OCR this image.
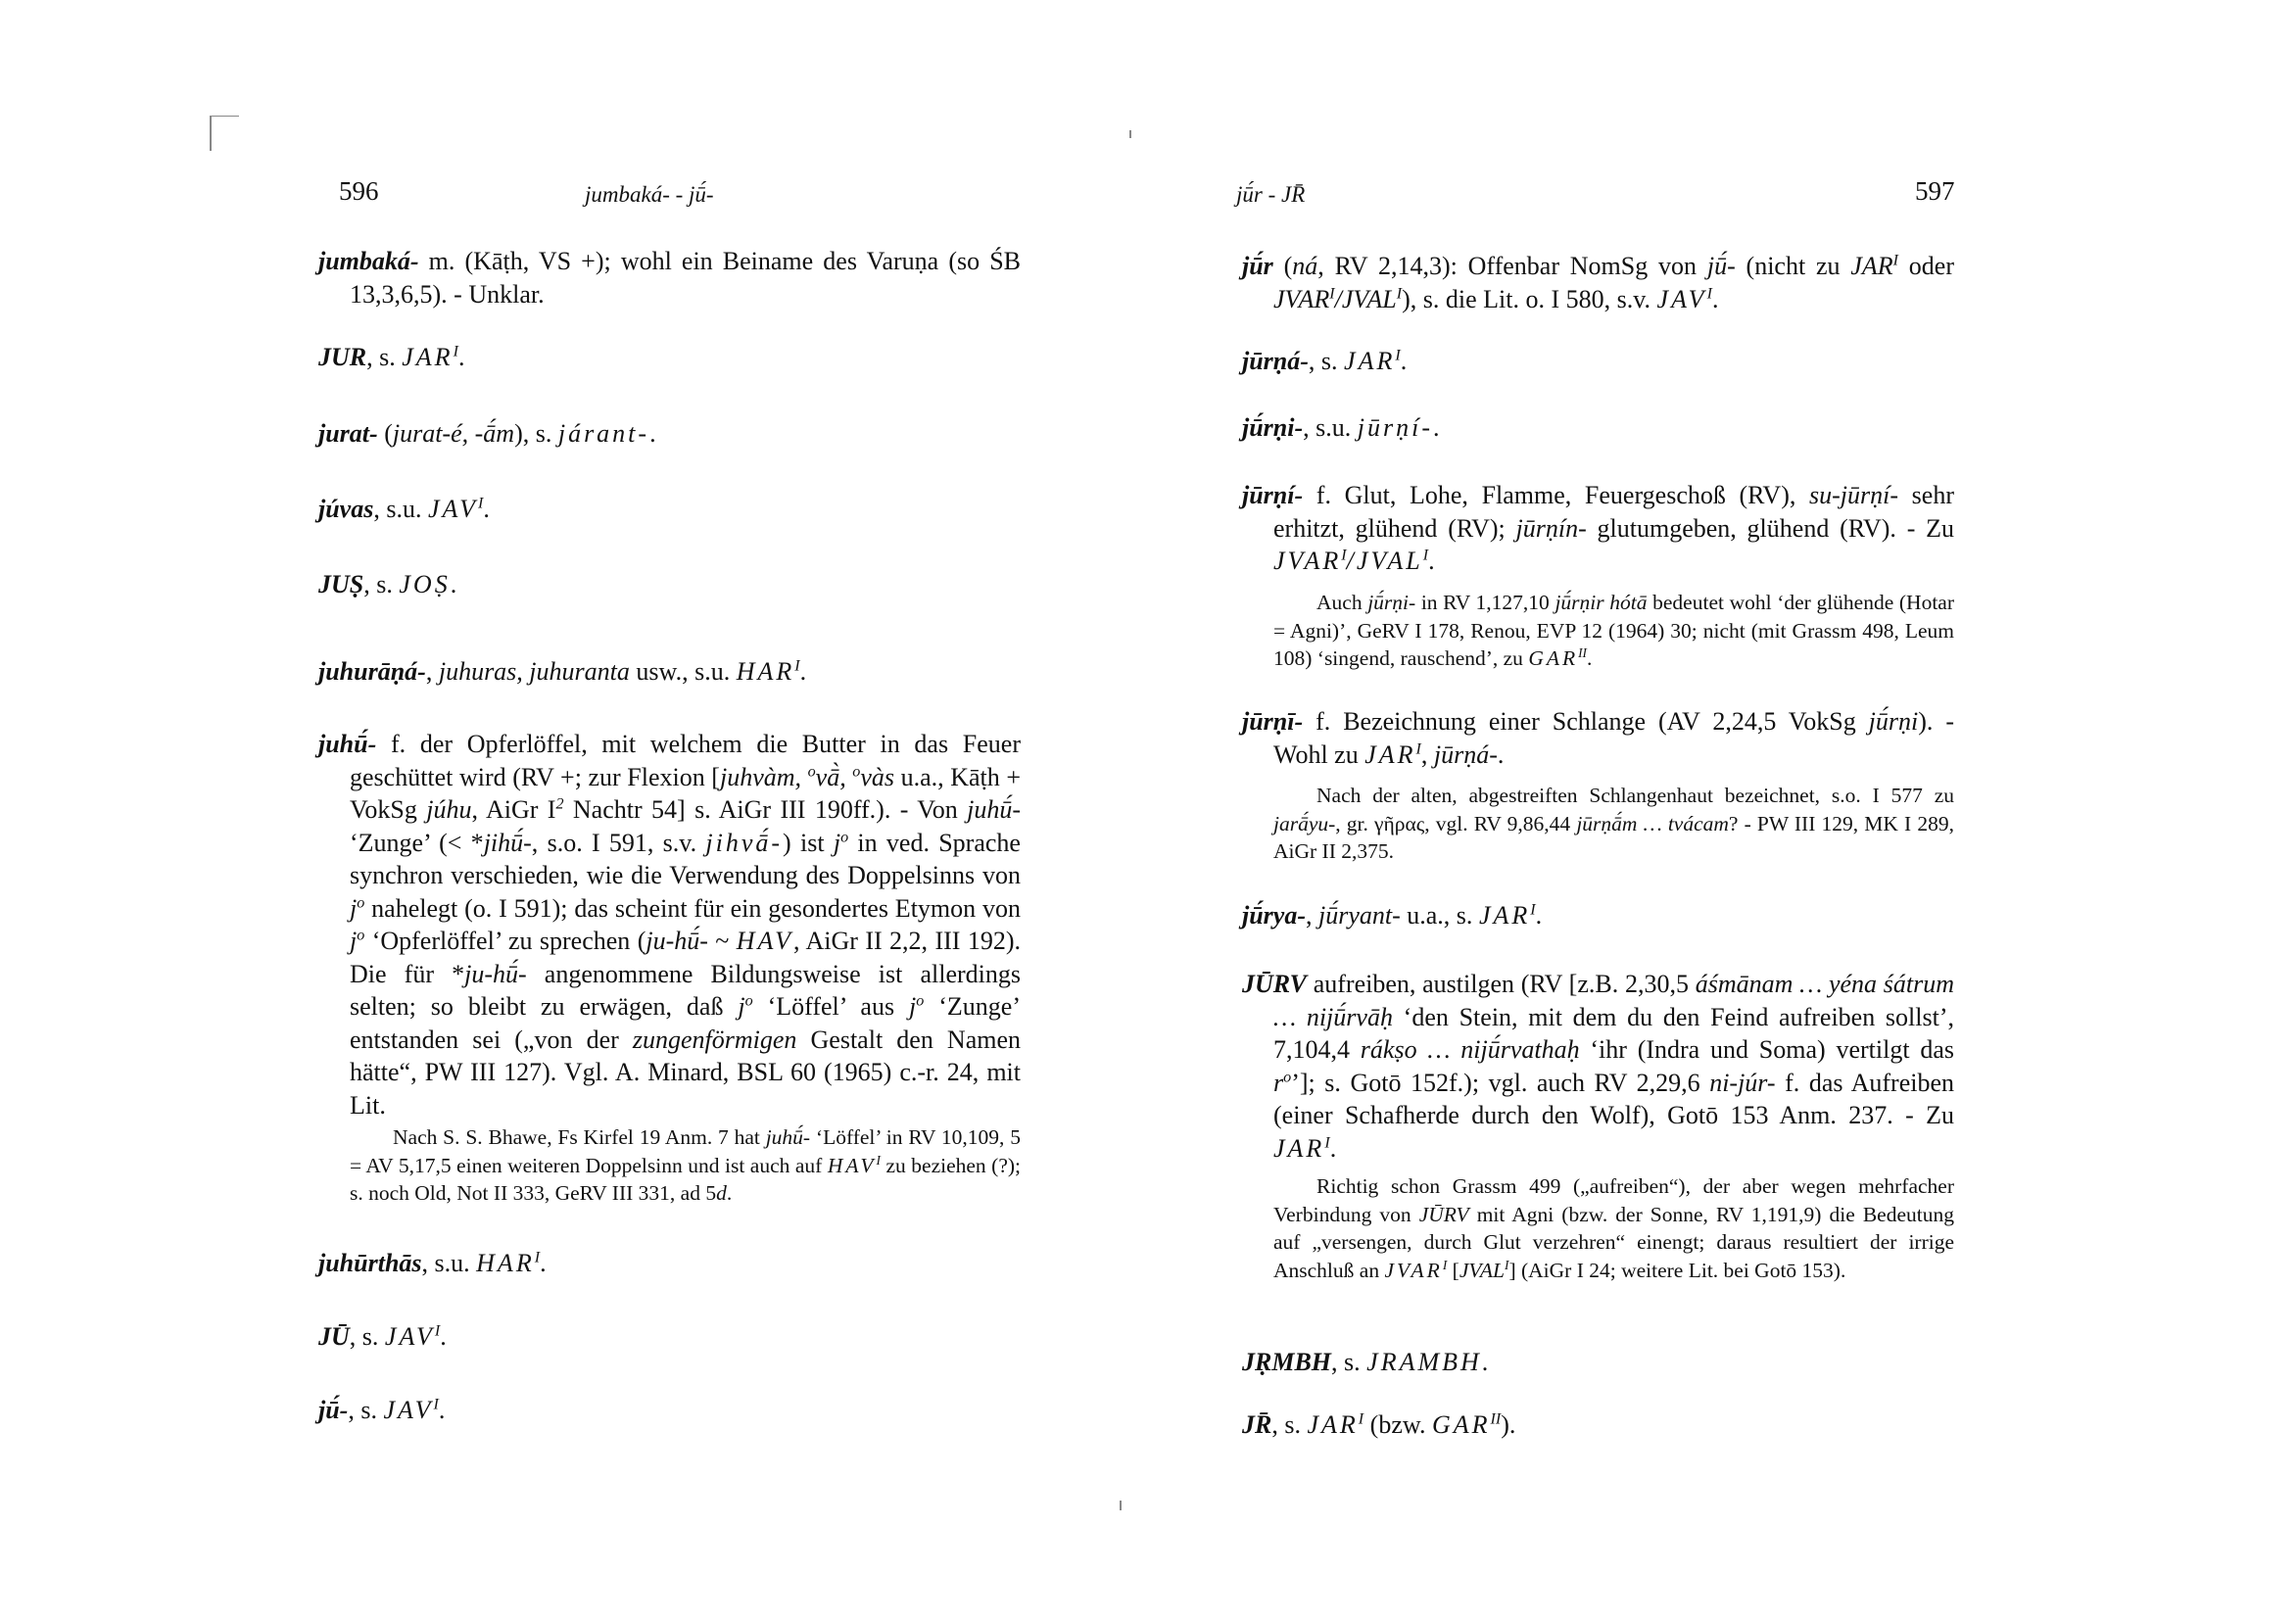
596	jumbaká- - jū́-	jū́r - JR̄	597
jumbaká- m. (Kāṭh, VS +); wohl ein Beiname des Varuṇa (so ŚB 13,3,6,5). - Unklar.
JUR, s. $JAR^I$.
jurat- (jurat-é, -ā́m), s. járant-.
júvas, s.u. $JAV^I$.
JUṢ, s. JOṢ.
juhurāṇá-, juhuras, juhuranta usw., s.u. $HAR^I$.
juhū́- f. der Opferlöffel, mit welchem die Butter in das Feuer geschüttet wird (RV +; zur Flexion [juhvàm, $^o$vā̀, $^o$vàs u.a., Kāṭh + VokSg júhu, AiGr $I^2$ Nachtr 54] s. AiGr III 190ff.). - Von juhū́- ‘Zunge’ (< *jihū́-, s.o. I 591, s.v. jihvā́-) ist $j^o$ in ved. Sprache synchron verschieden, wie die Verwendung des Doppelsinns von $j^o$ nahelegt (o. I 591); das scheint für ein gesondertes Etymon von $j^o$ ‘Opferlöffel’ zu sprechen (ju-hū́- ~ HAV, AiGr II 2,2, III 192). Die für *ju-hū́- angenommene Bildungsweise ist allerdings selten; so bleibt zu erwägen, daß $j^o$ ‘Löffel’ aus $j^o$ ‘Zunge’ entstanden sei („von der zungenförmigen Gestalt den Namen hätte“, PW III 127). Vgl. A. Minard, BSL 60 (1965) c.-r. 24, mit Lit.
Nach S. S. Bhawe, Fs Kirfel 19 Anm. 7 hat juhū́- ‘Löffel’ in RV 10,109, 5 = AV 5,17,5 einen weiteren Doppelsinn und ist auch auf $HAV^I$ zu beziehen (?); s. noch Old, Not II 333, GeRV III 331, ad 5d.
juhūrthās, s.u. $HAR^I$.
JŪ, s. $JAV^I$.
jū́-, s. $JAV^I$.
jū́r (ná, RV 2,14,3): Offenbar NomSg von jū́- (nicht zu $JAR^I$ oder $JVAR^I/JVAL^I$), s. die Lit. o. I 580, s.v. $JAV^I$.
jūrṇá-, s. $JAR^I$.
jū́rṇi-, s.u. jūrṇí-.
jūrṇí- f. Glut, Lohe, Flamme, Feuergeschoß (RV), su-jūrṇí- sehr erhitzt, glühend (RV); jūrṇín- glutumgeben, glühend (RV). - Zu $JVAR^I/JVAL^I$.
Auch jū́rṇi- in RV 1,127,10 jū́rṇir hótā bedeutet wohl ‘der glühende (Hotar = Agni)’, GeRV I 178, Renou, EVP 12 (1964) 30; nicht (mit Grassm 498, Leum 108) ‘singend, rauschend’, zu $GAR^{II}$.
jūrṇī- f. Bezeichnung einer Schlange (AV 2,24,5 VokSg jū́rṇi). - Wohl zu $JAR^I$, jūrṇá-.
Nach der alten, abgestreiften Schlangenhaut bezeichnet, s.o. I 577 zu jarā́yu-, gr. γῆρας, vgl. RV 9,86,44 jūrṇā́m … tvácam? - PW III 129, MK I 289, AiGr II 2,375.
jū́rya-, jū́ryant- u.a., s. $JAR^I$.
JŪRV aufreiben, austilgen (RV [z.B. 2,30,5 áśmānam … yéna śátrum … nijū́rvāḥ ‘den Stein, mit dem du den Feind aufreiben sollst’, 7,104,4 rákṣo … nijū́rvathaḥ ‘ihr (Indra und Soma) vertilgt das $r^o$’]; s. Gotō 152f.); vgl. auch RV 2,29,6 ni-júr- f. das Aufreiben (einer Schafherde durch den Wolf), Gotō 153 Anm. 237. - Zu $JAR^I$.
Richtig schon Grassm 499 („aufreiben“), der aber wegen mehrfacher Verbindung von JŪRV mit Agni (bzw. der Sonne, RV 1,191,9) die Bedeutung auf „versengen, durch Glut verzehren“ einengt; daraus resultiert der irrige Anschluß an $JVAR^I$ $[JVAL^I]$ (AiGr I 24; weitere Lit. bei Gotō 153).
JṚMBH, s. JRAMBH.
JR̄, s. $JAR^I$ (bzw. $GAR^{II}$).
